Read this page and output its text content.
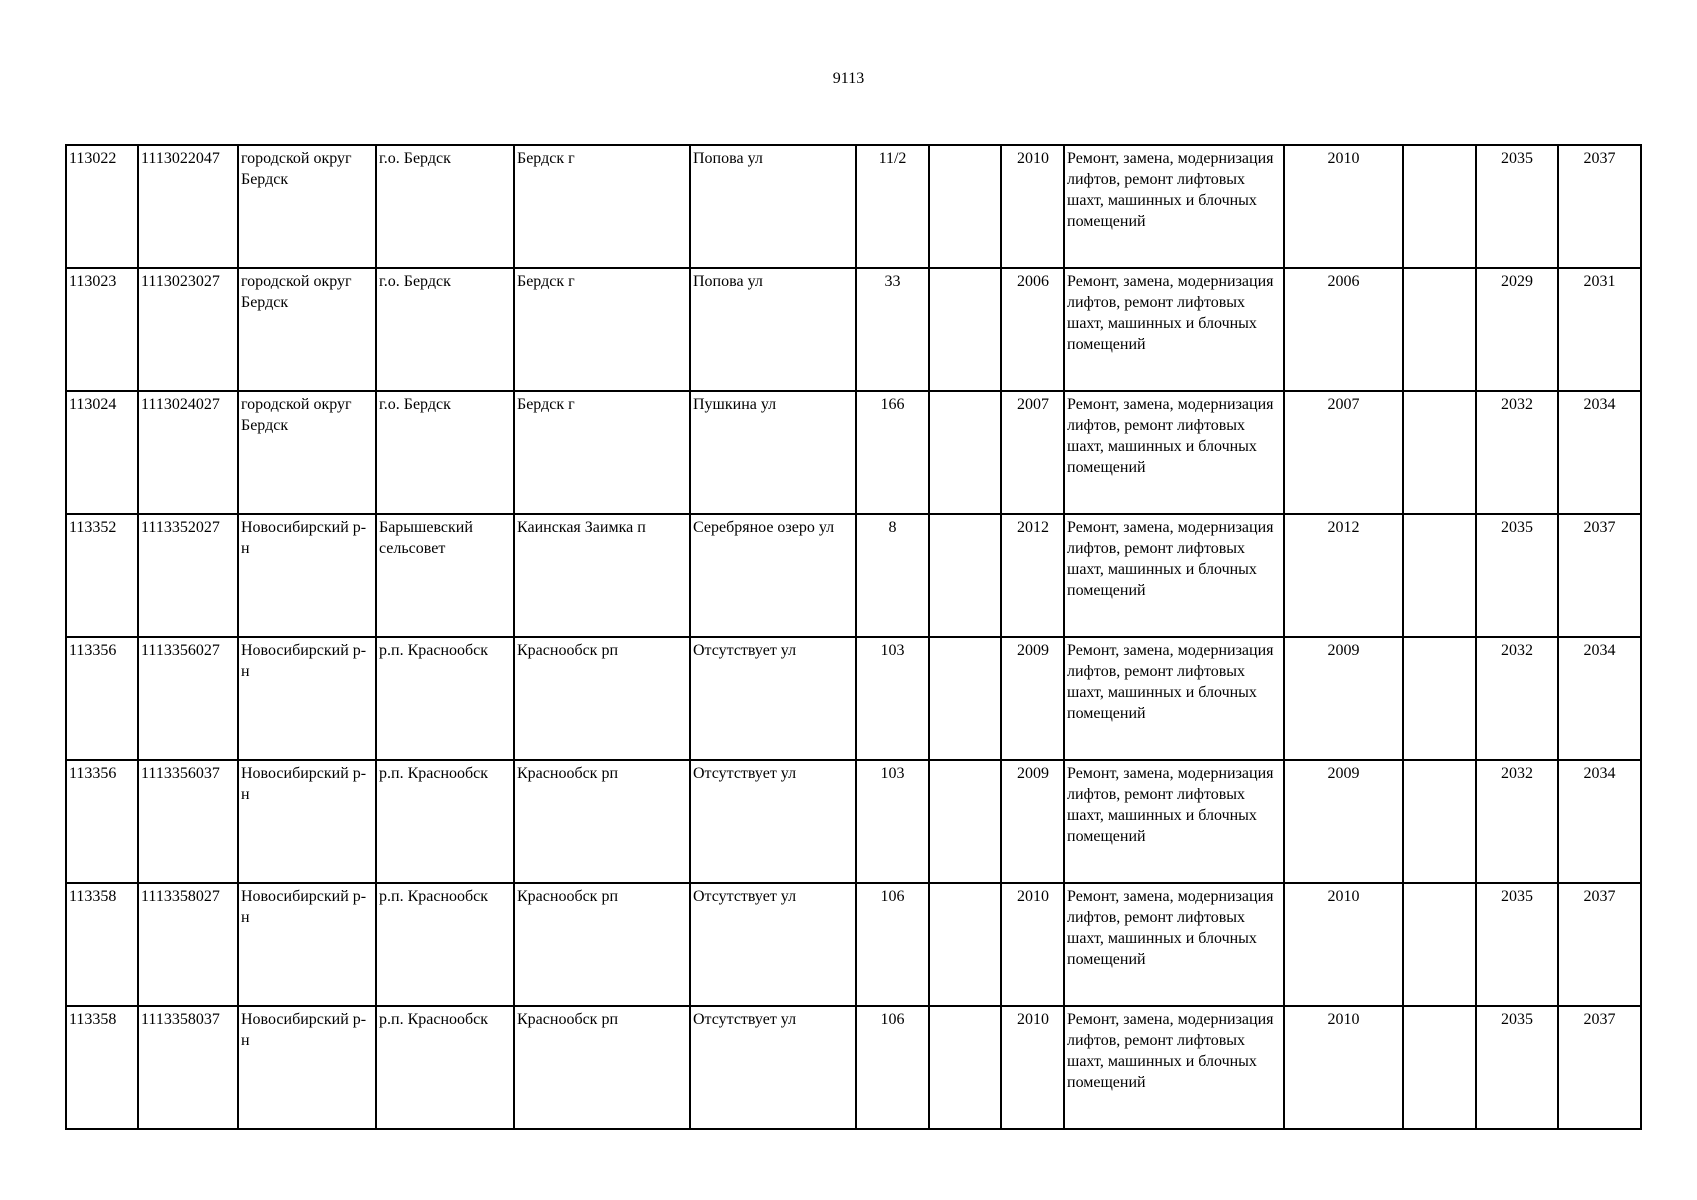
9113
113022	1113022047	городской округ Бердск	г.о. Бердск	Бердск г	Попова ул	11/2		2010	Ремонт, замена, модернизация лифтов, ремонт лифтовых шахт, машинных и блочных помещений	2010		2035	2037
113023	1113023027	городской округ Бердск	г.о. Бердск	Бердск г	Попова ул	33		2006	Ремонт, замена, модернизация лифтов, ремонт лифтовых шахт, машинных и блочных помещений	2006		2029	2031
113024	1113024027	городской округ Бердск	г.о. Бердск	Бердск г	Пушкина ул	166		2007	Ремонт, замена, модернизация лифтов, ремонт лифтовых шахт, машинных и блочных помещений	2007		2032	2034
113352	1113352027	Новосибирский р-н	Барышевский сельсовет	Каинская Заимка п	Серебряное озеро ул	8		2012	Ремонт, замена, модернизация лифтов, ремонт лифтовых шахт, машинных и блочных помещений	2012		2035	2037
113356	1113356027	Новосибирский р-н	р.п. Краснообск	Краснообск рп	Отсутствует ул	103		2009	Ремонт, замена, модернизация лифтов, ремонт лифтовых шахт, машинных и блочных помещений	2009		2032	2034
113356	1113356037	Новосибирский р-н	р.п. Краснообск	Краснообск рп	Отсутствует ул	103		2009	Ремонт, замена, модернизация лифтов, ремонт лифтовых шахт, машинных и блочных помещений	2009		2032	2034
113358	1113358027	Новосибирский р-н	р.п. Краснообск	Краснообск рп	Отсутствует ул	106		2010	Ремонт, замена, модернизация лифтов, ремонт лифтовых шахт, машинных и блочных помещений	2010		2035	2037
113358	1113358037	Новосибирский р-н	р.п. Краснообск	Краснообск рп	Отсутствует ул	106		2010	Ремонт, замена, модернизация лифтов, ремонт лифтовых шахт, машинных и блочных помещений	2010		2035	2037
